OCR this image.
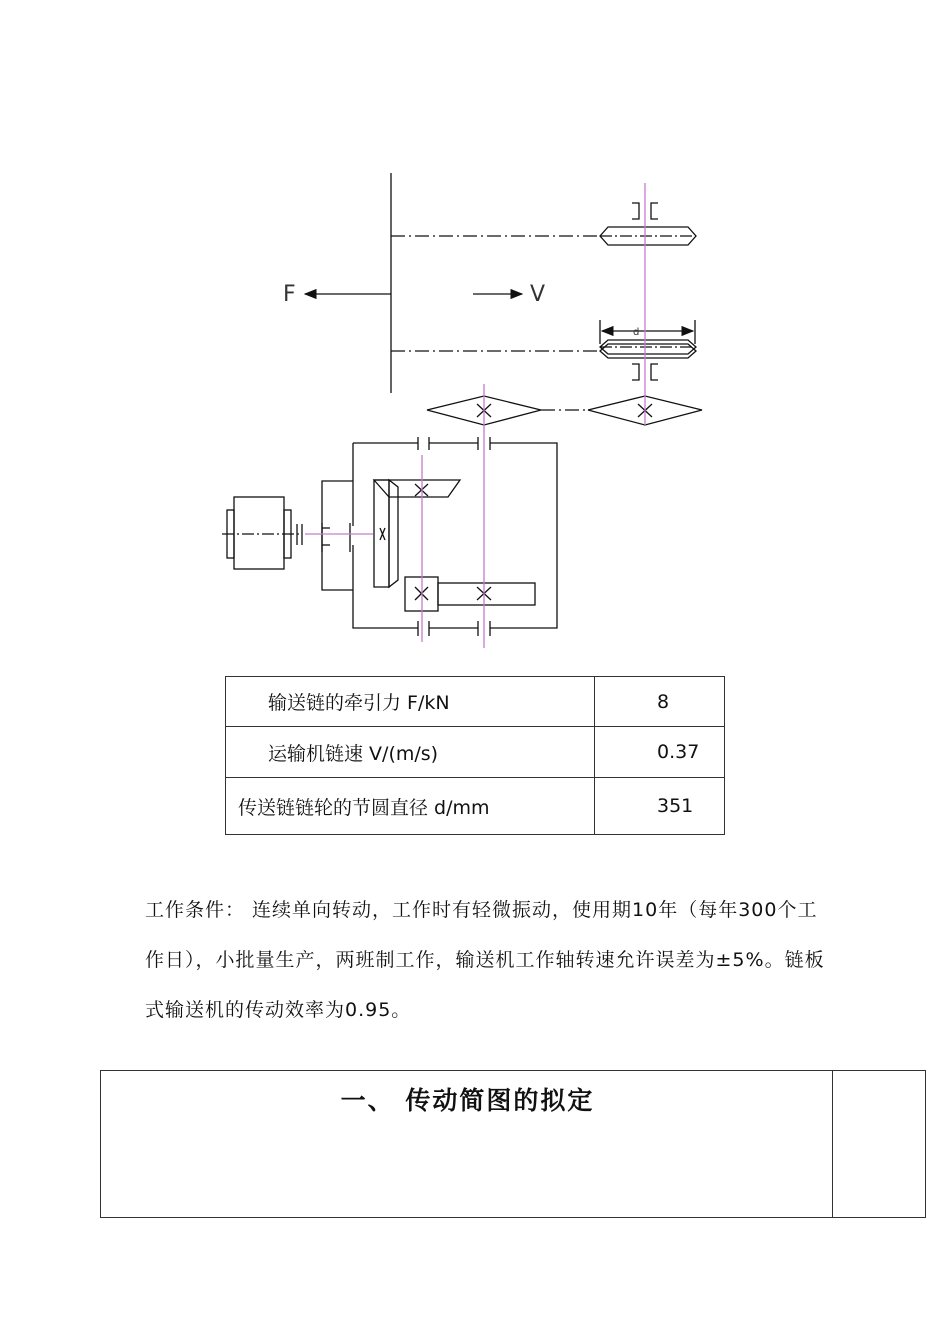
F	V
d
输送链的牵引力 F/kN	8
运输机链速 V/(m/s)	0.37
传送链链轮的节圆直径 d/mm	351

工作条件： 连续单向转动，工作时有轻微振动，使用期10年（每年300个工作日），小批量生产，两班制工作，输送机工作轴转速允许误差为±5%。链板式输送机的传动效率为0.95。

一、 传动简图的拟定
